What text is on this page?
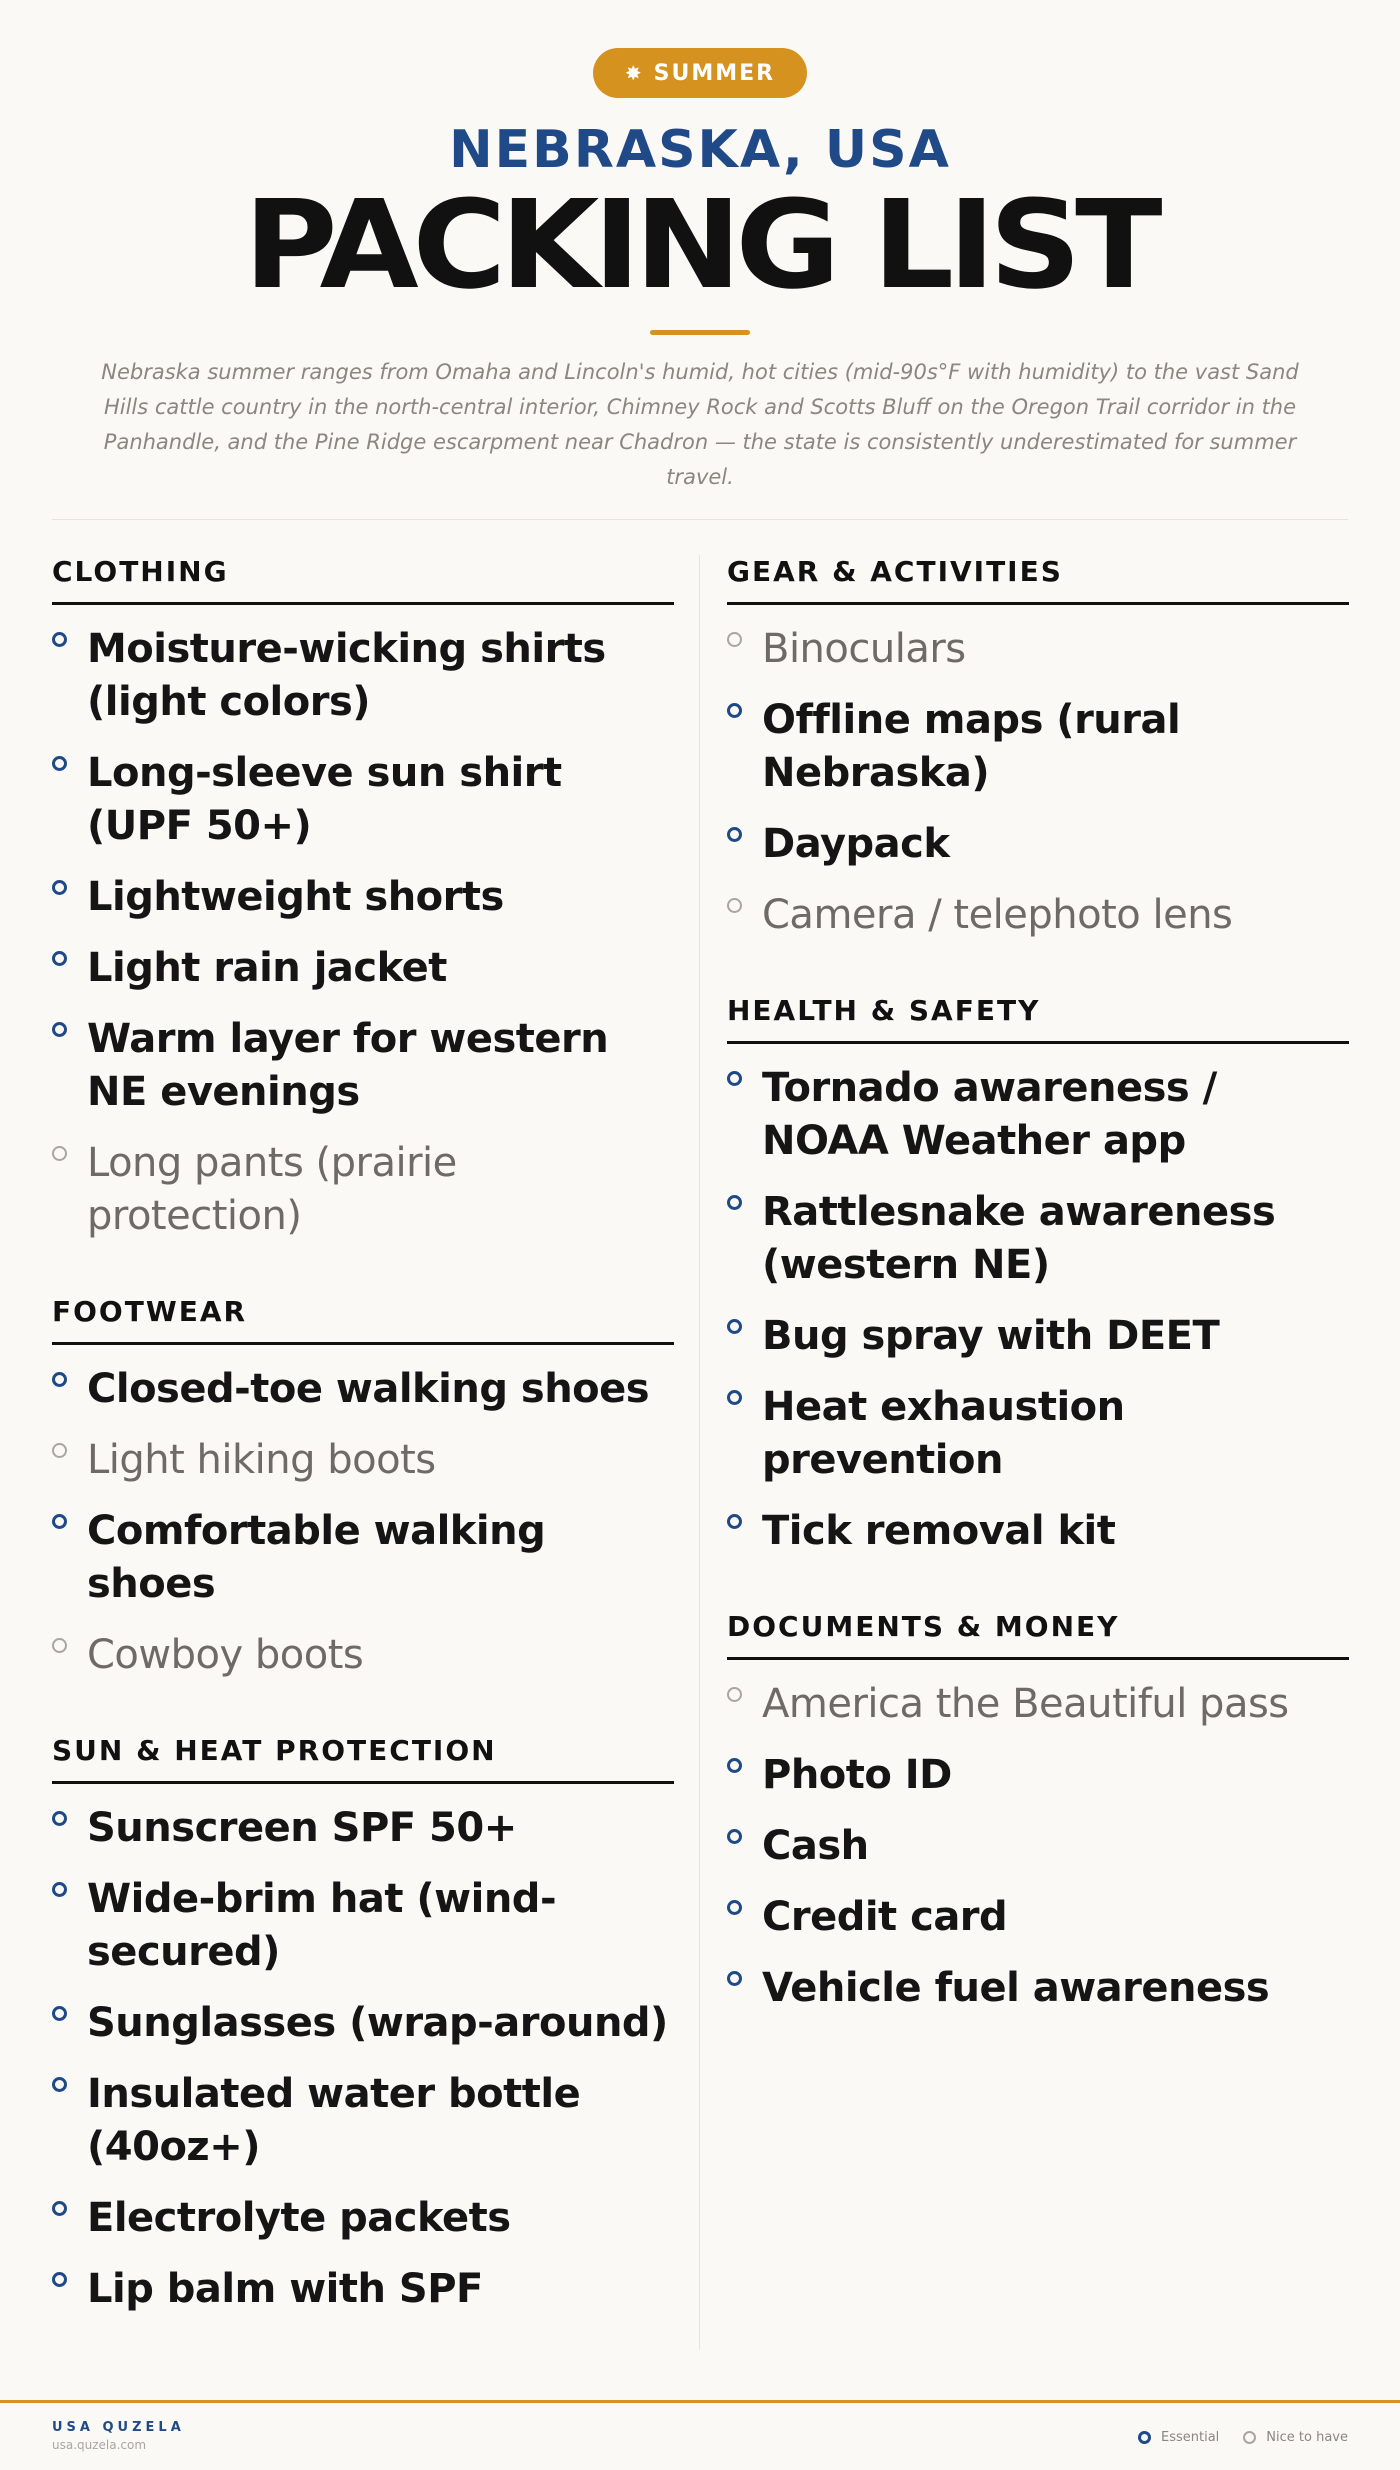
✸ SUMMER
NEBRASKA, USA
PACKING LIST
Nebraska summer ranges from Omaha and Lincoln's humid, hot cities (mid-90s°F with humidity) to the vast Sand Hills cattle country in the north-central interior, Chimney Rock and Scotts Bluff on the Oregon Trail corridor in the Panhandle, and the Pine Ridge escarpment near Chadron — the state is consistently underestimated for summer travel.
CLOTHING
Moisture-wicking shirts (light colors)
Long-sleeve sun shirt (UPF 50+)
Lightweight shorts
Light rain jacket
Warm layer for western NE evenings
Long pants (prairie protection)
FOOTWEAR
Closed-toe walking shoes
Light hiking boots
Comfortable walking shoes
Cowboy boots
SUN & HEAT PROTECTION
Sunscreen SPF 50+
Wide-brim hat (wind-secured)
Sunglasses (wrap-around)
Insulated water bottle (40oz+)
Electrolyte packets
Lip balm with SPF
GEAR & ACTIVITIES
Binoculars
Offline maps (rural Nebraska)
Daypack
Camera / telephoto lens
HEALTH & SAFETY
Tornado awareness / NOAA Weather app
Rattlesnake awareness (western NE)
Bug spray with DEET
Heat exhaustion prevention
Tick removal kit
DOCUMENTS & MONEY
America the Beautiful pass
Photo ID
Cash
Credit card
Vehicle fuel awareness
USA QUZELA
usa.quzela.com	Essential	Nice to have
